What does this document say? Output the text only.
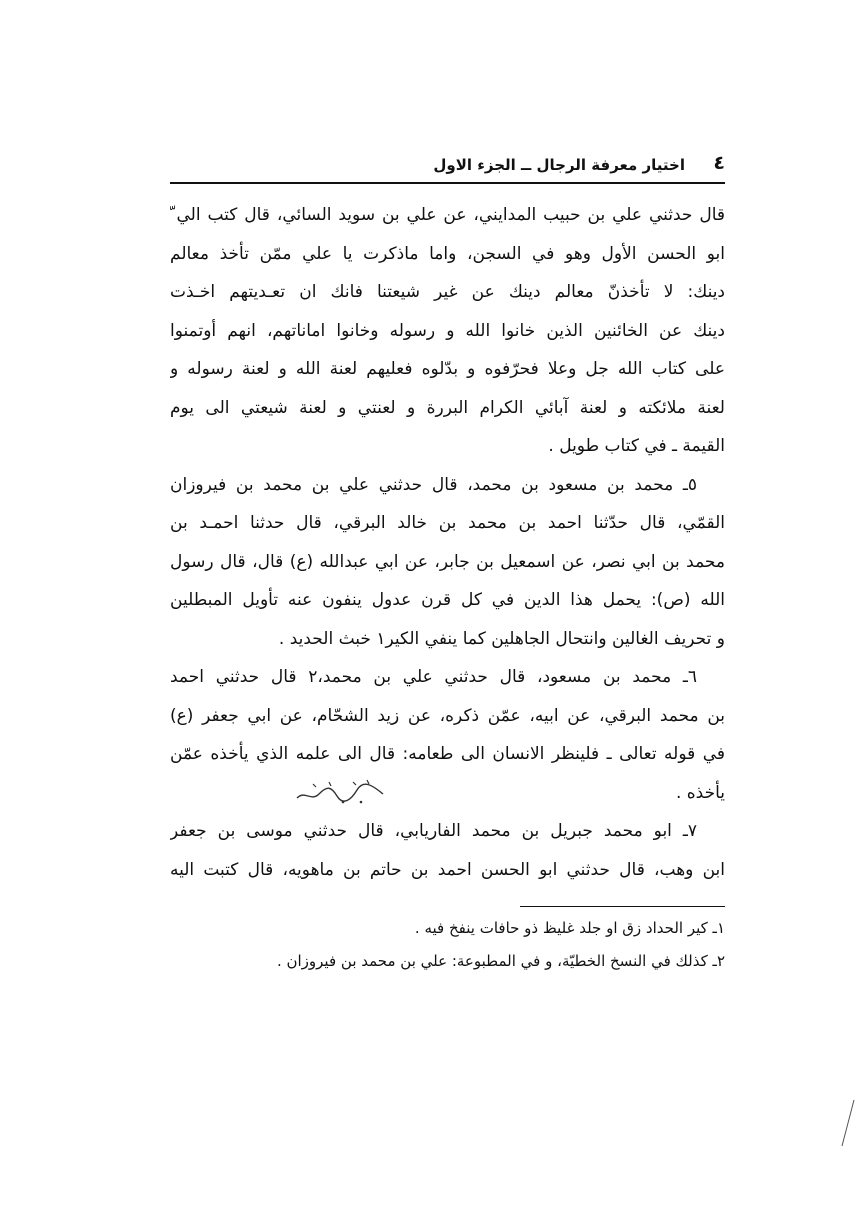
٤
اختيار معرفة الرجال ــ الجزء الاول
قال حدثني علي بن حبيب المدايني، عن علي بن سويد السائي، قال كتب الي ّ
ابو الحسن الأول وهو في السجن، واما ماذكرت يا علي ممّن تأخذ معالم
دينك: لا تأخذنّ معالم دينك عن غير شيعتنا فانك ان تعـديتهم اخـذت
دينك عن الخائنين الذين خانوا الله و رسوله وخانوا اماناتهم، انهم أوتمنوا
على كتاب الله جل وعلا فحرّفوه و بدّلوه فعليهم لعنة الله و لعنة رسوله و
لعنة ملائكته و لعنة آبائي الكرام البررة و لعنتي و لعنة شيعتي الى يوم
القيمة ـ في كتاب طويل .
٥ـ محمد بن مسعود بن محمد، قال حدثني علي بن محمد بن فيروزان
القمّي، قال حدّثنا احمد بن محمد بن خالد البرقي، قال حدثنا احمـد بن
محمد بن ابي نصر، عن اسمعيل بن جابر، عن ابي عبدالله (ع) قال، قال رسول
الله (ص): يحمل هذا الدين في كل قرن عدول ينفون عنه تأويل المبطلين
و تحريف الغالين وانتحال الجاهلين كما ينفي الكير١ خبث الحديد .
٦ـ محمد بن مسعود، قال حدثني علي بن محمد،٢ قال حدثني احمد
بن محمد البرقي، عن ابيه، عمّن ذكره، عن زيد الشحّام، عن ابي جعفر (ع)
في قوله تعالى ـ فلينظر الانسان الى طعامه: قال الى علمه الذي يأخذه عمّن
يأخذه .
٧ـ ابو محمد جبريل بن محمد الفاريابي، قال حدثني موسى بن جعفر
ابن وهب، قال حدثني ابو الحسن احمد بن حاتم بن ماهويه، قال كتبت اليه
١ـ كير الحداد زق او جلد غليظ ذو حافات ينفخ فيه .
٢ـ كذلك في النسخ الخطيّة، و في المطبوعة: علي بن محمد بن فيروزان .
